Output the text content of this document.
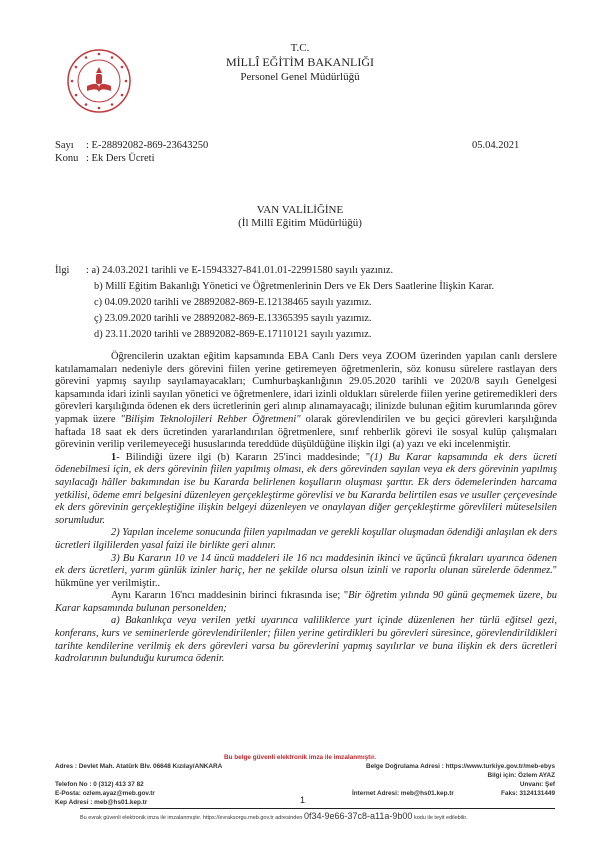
T.C.
MİLLÎ EĞİTİM BAKANLIĞI
Personel Genel Müdürlüğü
Sayı : E-28892082-869-23643250	05.04.2021
Konu : Ek Ders Ücreti
VAN VALİLİĞİNE
(İl Millî Eğitim Müdürlüğü)
İlgi : a) 24.03.2021 tarihli ve E-15943327-841.01.01-22991580 sayılı yazınız.
b) Millî Eğitim Bakanlığı Yönetici ve Öğretmenlerinin Ders ve Ek Ders Saatlerine İlişkin Karar.
c) 04.09.2020 tarihli ve 28892082-869-E.12138465 sayılı yazımız.
ç) 23.09.2020 tarihli ve 28892082-869-E.13365395 sayılı yazımız.
d) 23.11.2020 tarihli ve 28892082-869-E.17110121 sayılı yazımız.

Öğrencilerin uzaktan eğitim kapsamında EBA Canlı Ders veya ZOOM üzerinden yapılan canlı derslere katılamamaları nedeniyle ders görevini fiilen yerine getiremeyen öğretmenlerin, söz konusu sürelere rastlayan ders görevini yapmış sayılıp sayılamayacakları; Cumhurbaşkanlığının 29.05.2020 tarihli ve 2020/8 sayılı Genelgesi kapsamında idari izinli sayılan yönetici ve öğretmenlere, idari izinli oldukları sürelerde fiilen yerine getiremedikleri ders görevleri karşılığında ödenen ek ders ücretlerinin geri alınıp alınamayacağı; ilinizde bulunan eğitim kurumlarında görev yapmak üzere "Bilişim Teknolojileri Rehber Öğretmeni" olarak görevlendirilen ve bu geçici görevleri karşılığında haftada 18 saat ek ders ücretinden yararlandırılan öğretmenlere, sınıf rehberlik görevi ile sosyal kulüp çalışmaları görevinin verilip verilemeyeceği hususlarında tereddüde düşüldüğüne ilişkin ilgi (a) yazı ve eki incelenmiştir.

1- Bilindiği üzere ilgi (b) Kararın 25'inci maddesinde; "(1) Bu Karar kapsamında ek ders ücreti ödenebilmesi için, ek ders görevinin fiilen yapılmış olması, ek ders görevinden sayılan veya ek ders görevinin yapılmış sayılacağı hâller bakımından ise bu Kararda belirlenen koşulların oluşması şarttır. Ek ders ödemelerinden harcama yetkilisi, ödeme emri belgesini düzenleyen gerçekleştirme görevlisi ve bu Kararda belirtilen esas ve usuller çerçevesinde ek ders görevinin gerçekleştiğine ilişkin belgeyi düzenleyen ve onaylayan diğer gerçekleştirme görevlileri müteselsilen sorumludur.

2) Yapılan inceleme sonucunda fiilen yapılmadan ve gerekli koşullar oluşmadan ödendiği anlaşılan ek ders ücretleri ilgililerden yasal faizi ile birlikte geri alınır.

3) Bu Kararın 10 ve 14 üncü maddeleri ile 16 ncı maddesinin ikinci ve üçüncü fıkraları uyarınca ödenen ek ders ücretleri, yarım günlük izinler hariç, her ne şekilde olursa olsun izinli ve raporlu olunan sürelerde ödenmez." hükmüne yer verilmiştir..

Aynı Kararın 16'ncı maddesinin birinci fıkrasında ise; "Bir öğretim yılında 90 günü geçmemek üzere, bu Karar kapsamında bulunan personelden;

a) Bakanlıkça veya verilen yetki uyarınca valiliklerce yurt içinde düzenlenen her türlü eğitsel gezi, konferans, kurs ve seminerlerde görevlendirilenler; fiilen yerine getirdikleri bu görevleri süresince, görevlendirildikleri tarihte kendilerine verilmiş ek ders görevleri varsa bu görevlerini yapmış sayılırlar ve buna ilişkin ek ders ücretleri kadrolarının bulunduğu kurumca ödenir.

Bu belge güvenli elektronik imza ile imzalanmıştır.
Adres : Devlet Mah. Atatürk Blv. 06648 Kızılay/ANKARA	Belge Doğrulama Adresi : https://www.turkiye.gov.tr/meb-ebys
Bilgi için: Özlem AYAZ
Telefon No : 0 (312) 413 37 82	Unvanı: Şef
E-Posta: ozlem.ayaz@meb.gov.tr	İnternet Adresi: meb@hs01.kep.tr	Faks: 3124131449
Kep Adresi : meb@hs01.kep.tr	1
Bu evrak güvenli elektronik imza ile imzalanmıştır. https://evraksorgu.meb.gov.tr adresinden 0f34-9e66-37c8-a11a-9b00 kodu ile teyit edilebilir.
